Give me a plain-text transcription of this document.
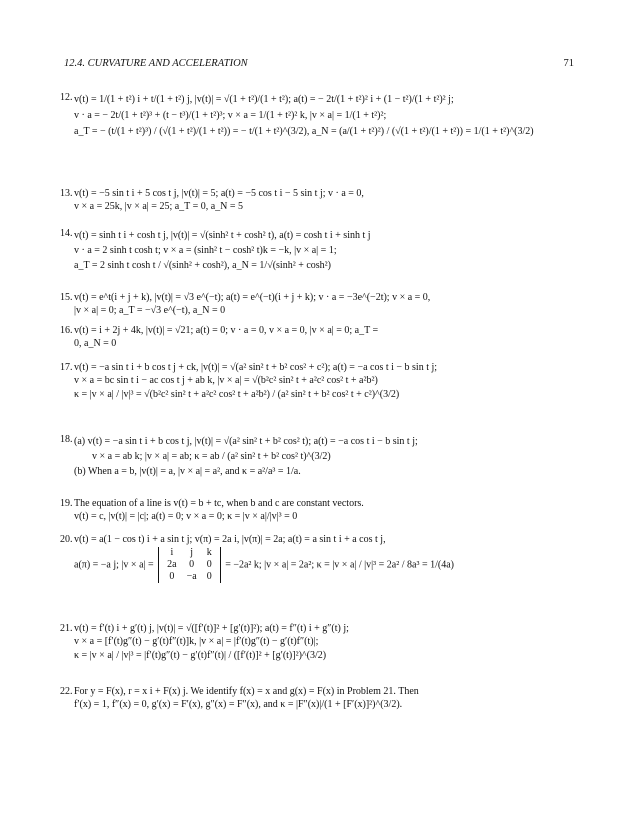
12.4. CURVATURE AND ACCELERATION	71
12. v(t) = 1/(1 + t²) i + t/(1 + t²) j, |v(t)| = √(1 + t²)/(1 + t²); a(t) = − 2t/(1 + t²)² i + (1 − t²)/(1 + t²)² j;
v · a = − 2t/(1 + t²)³ + (t − t³)/(1 + t²)³; v × a = 1/(1 + t²)² k, |v × a| = 1/(1 + t²)²;
a_T = − (t/(1 + t²)³) / (√(1 + t²)/(1 + t²)) = − t/(1 + t²)^(3/2), a_N = (a/(1 + t²)²) / (√(1 + t²)/(1 + t²)) = 1/(1 + t²)^(3/2)
13. v(t) = −5 sin t i + 5 cos t j, |v(t)| = 5; a(t) = −5 cos t i − 5 sin t j; v · a = 0,
v × a = 25k, |v × a| = 25; a_T = 0, a_N = 5
14. v(t) = sinh t i + cosh t j, |v(t)| = √(sinh² t + cosh² t), a(t) = cosh t i + sinh t j
v · a = 2 sinh t cosh t; v × a = (sinh² t − cosh² t)k = −k, |v × a| = 1;
a_T = 2 sinh t cosh t / √(sinh² + cosh²), a_N = 1/√(sinh² + cosh²)
15. v(t) = e^t(i + j + k), |v(t)| = √3 e^(−t); a(t) = e^(−t)(i + j + k); v · a = −3e^(−2t); v × a = 0,
|v × a| = 0; a_T = −√3 e^(−t), a_N = 0
16. v(t) = i + 2j + 4k, |v(t)| = √21; a(t) = 0; v · a = 0, v × a = 0, |v × a| = 0; a_T =
0, a_N = 0
17. v(t) = −a sin t i + b cos t j + ck, |v(t)| = √(a² sin² t + b² cos² + c²); a(t) = −a cos t i − b sin t j;
v × a = bc sin t i − ac cos t j + ab k, |v × a| = √(b²c² sin² t + a²c² cos² t + a²b²)
κ = |v × a| / |v|³ = √(b²c² sin² t + a²c² cos² t + a²b²) / (a² sin² t + b² cos² t + c²)^(3/2)
18. (a) v(t) = −a sin t i + b cos t j, |v(t)| = √(a² sin² t + b² cos² t); a(t) = −a cos t i − b sin t j;
v × a = ab k; |v × a| = ab; κ = ab / (a² sin² t + b² cos² t)^(3/2)
(b) When a = b, |v(t)| = a, |v × a| = a², and κ = a²/a³ = 1/a.
19. The equation of a line is v(t) = b + tc, when b and c are constant vectors.
v(t) = c, |v(t)| = |c|; a(t) = 0; v × a = 0; κ = |v × a|/|v|³ = 0
20. v(t) = a(1 − cos t) i + a sin t j; v(π) = 2a i, |v(π)| = 2a; a(t) = a sin t i + a cos t j,
a(π) = −a j; |v × a| =
i	j	k
2a	0	0
0	−a	0
= −2a² k; |v × a| = 2a²; κ = |v × a| / |v|³ = 2a² / 8a³ = 1/(4a)
21. v(t) = f′(t) i + g′(t) j, |v(t)| = √([f′(t)]² + [g′(t)]²); a(t) = f″(t) i + g″(t) j;
v × a = [f′(t)g″(t) − g′(t)f″(t)]k, |v × a| = |f′(t)g″(t) − g′(t)f″(t)|;
κ = |v × a| / |v|³ = |f′(t)g″(t) − g′(t)f″(t)| / ([f′(t)]² + [g′(t)]²)^(3/2)
22. For y = F(x), r = x i + F(x) j. We identify f(x) = x and g(x) = F(x) in Problem 21. Then
f′(x) = 1, f″(x) = 0, g′(x) = F′(x), g″(x) = F″(x), and κ = |F″(x)|/(1 + [F′(x)]²)^(3/2).
